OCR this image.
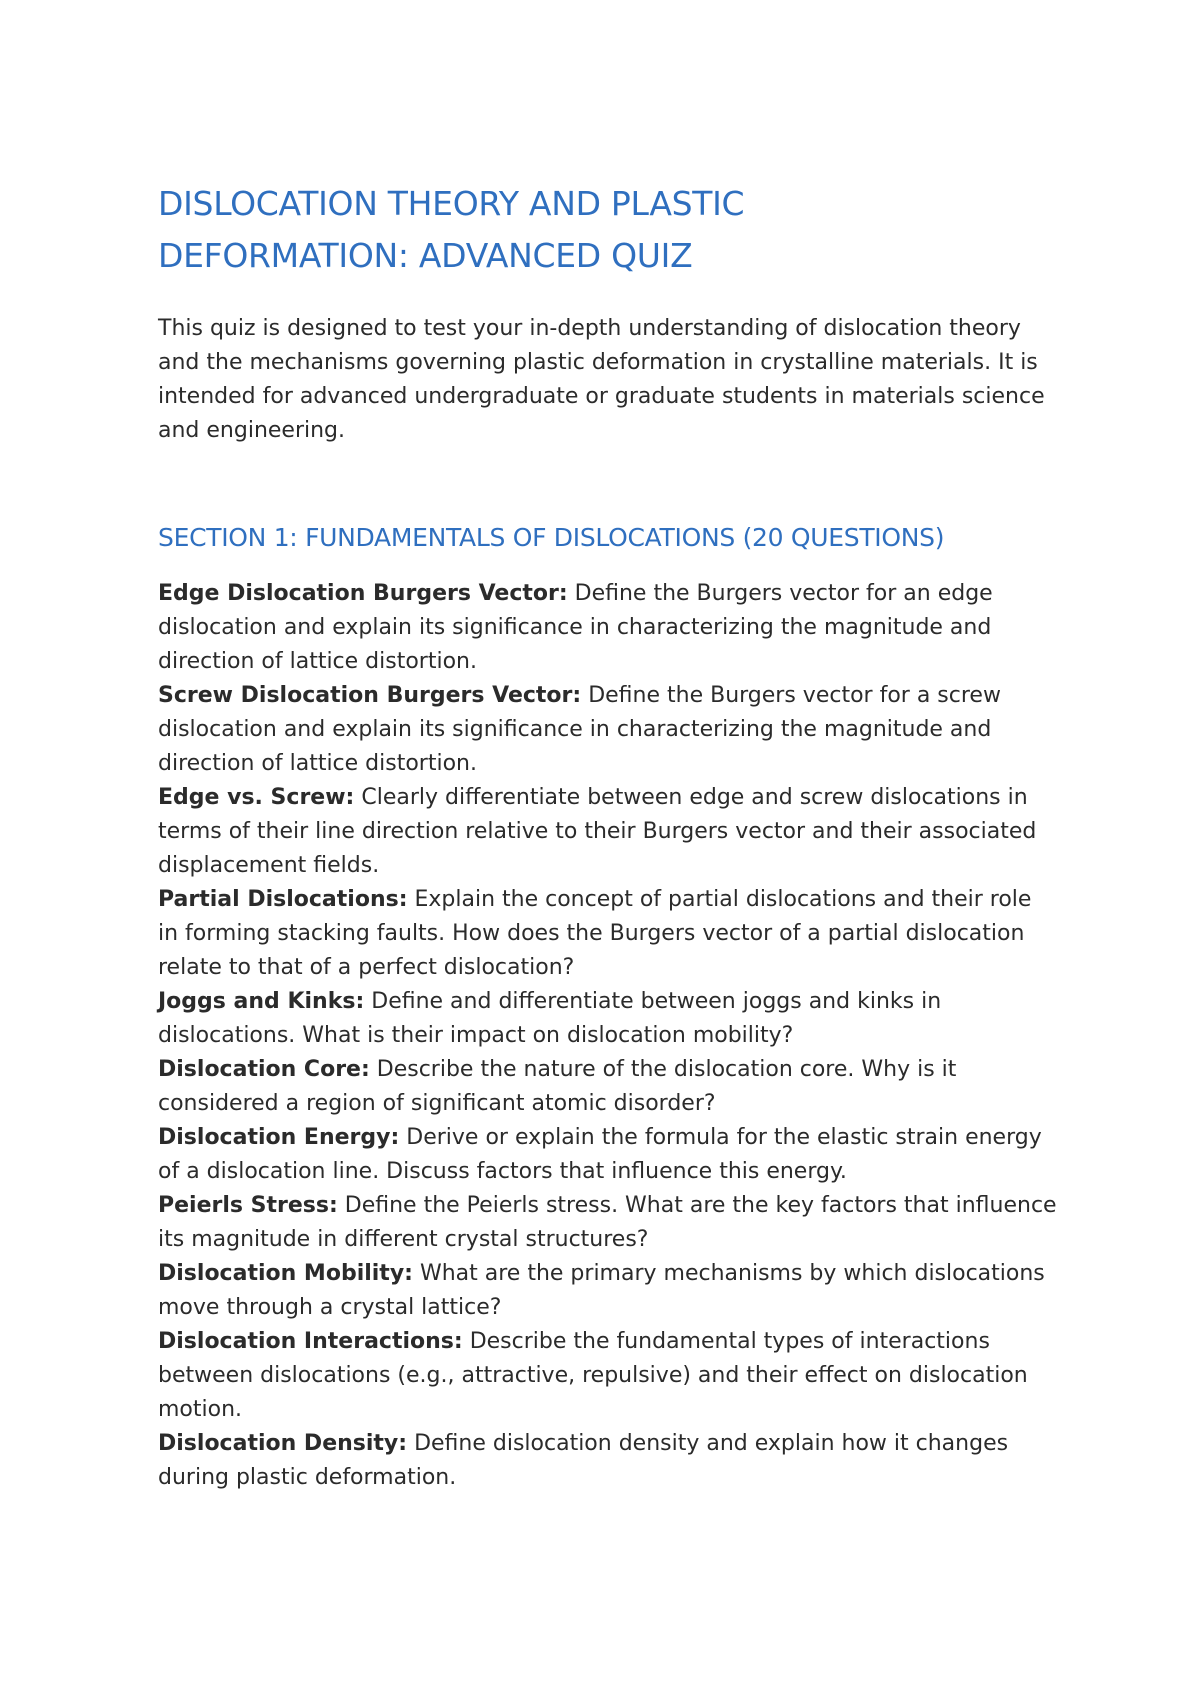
DISLOCATION THEORY AND PLASTIC
DEFORMATION: ADVANCED QUIZ

This quiz is designed to test your in-depth understanding of dislocation theory and the mechanisms governing plastic deformation in crystalline materials. It is intended for advanced undergraduate or graduate students in materials science and engineering.

SECTION 1: FUNDAMENTALS OF DISLOCATIONS (20 QUESTIONS)
Edge Dislocation Burgers Vector: Define the Burgers vector for an edge dislocation and explain its significance in characterizing the magnitude and direction of lattice distortion.
Screw Dislocation Burgers Vector: Define the Burgers vector for a screw dislocation and explain its significance in characterizing the magnitude and direction of lattice distortion.
Edge vs. Screw: Clearly differentiate between edge and screw dislocations in terms of their line direction relative to their Burgers vector and their associated displacement fields.
Partial Dislocations: Explain the concept of partial dislocations and their role in forming stacking faults. How does the Burgers vector of a partial dislocation relate to that of a perfect dislocation?
Joggs and Kinks: Define and differentiate between joggs and kinks in dislocations. What is their impact on dislocation mobility?
Dislocation Core: Describe the nature of the dislocation core. Why is it considered a region of significant atomic disorder?
Dislocation Energy: Derive or explain the formula for the elastic strain energy of a dislocation line. Discuss factors that influence this energy.
Peierls Stress: Define the Peierls stress. What are the key factors that influence its magnitude in different crystal structures?
Dislocation Mobility: What are the primary mechanisms by which dislocations move through a crystal lattice?
Dislocation Interactions: Describe the fundamental types of interactions between dislocations (e.g., attractive, repulsive) and their effect on dislocation motion.
Dislocation Density: Define dislocation density and explain how it changes during plastic deformation.
